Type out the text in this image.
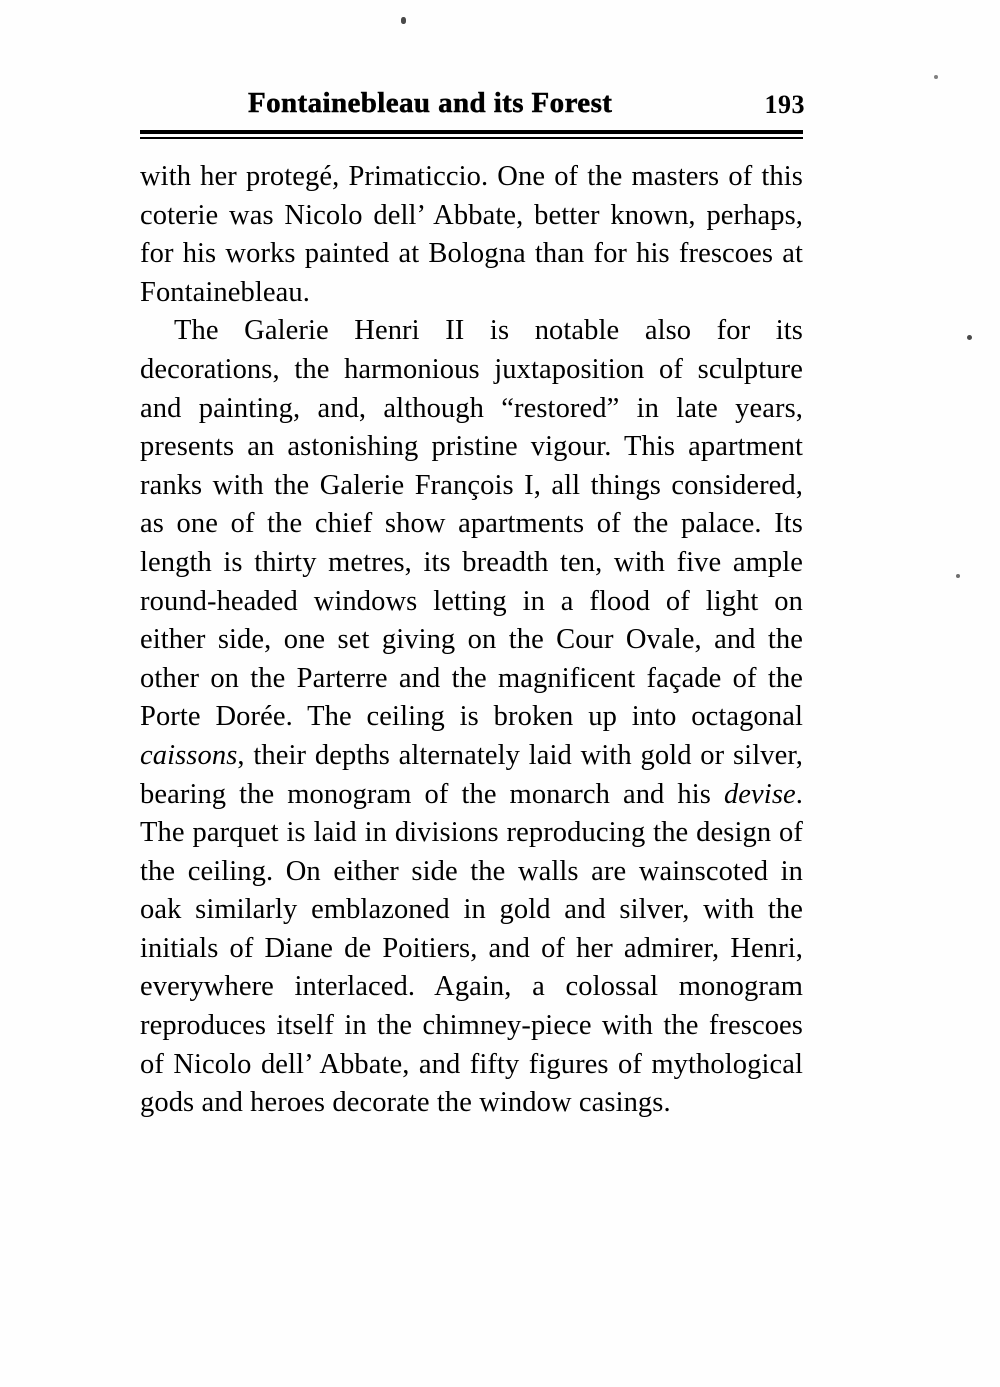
Fontainebleau and its Forest	193

with her protegé, Primaticcio. One of the masters of this coterie was Nicolo dell’ Abbate, better known, perhaps, for his works painted at Bologna than for his frescoes at Fontainebleau.

The Galerie Henri II is notable also for its decorations, the harmonious juxtaposition of sculpture and painting, and, although “restored” in late years, presents an astonishing pristine vigour. This apartment ranks with the Galerie François I, all things considered, as one of the chief show apartments of the palace. Its length is thirty metres, its breadth ten, with five ample round-headed windows letting in a flood of light on either side, one set giving on the Cour Ovale, and the other on the Parterre and the magnificent façade of the Porte Dorée. The ceiling is broken up into octagonal caissons, their depths alternately laid with gold or silver, bearing the monogram of the monarch and his devise. The parquet is laid in divisions reproducing the design of the ceiling. On either side the walls are wainscoted in oak similarly emblazoned in gold and silver, with the initials of Diane de Poitiers, and of her admirer, Henri, everywhere interlaced. Again, a colossal monogram reproduces itself in the chimney-piece with the frescoes of Nicolo dell’ Abbate, and fifty figures of mythological gods and heroes decorate the window casings.
